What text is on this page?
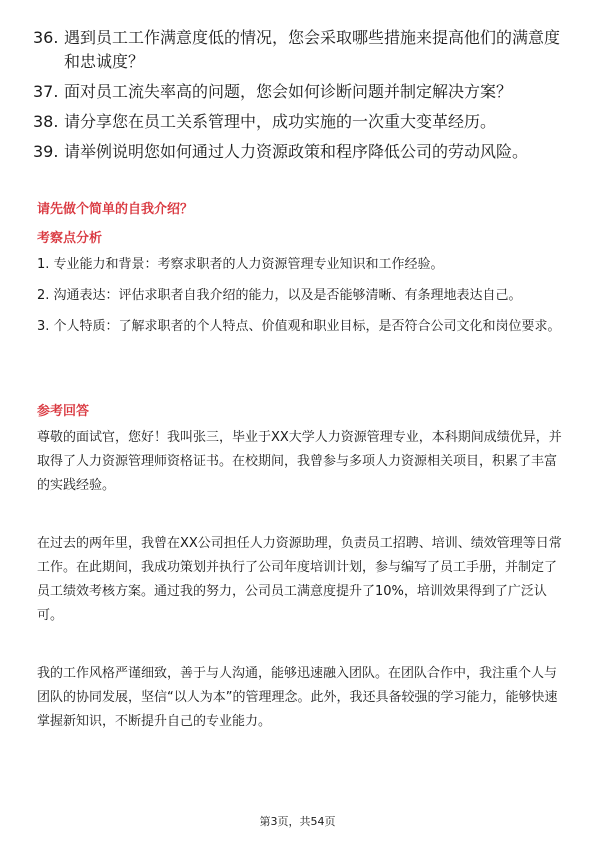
36. 遇到员工工作满意度低的情况，您会采取哪些措施来提高他们的满意度和忠诚度？
37. 面对员工流失率高的问题，您会如何诊断问题并制定解决方案？
38. 请分享您在员工关系管理中，成功实施的一次重大变革经历。
39. 请举例说明您如何通过人力资源政策和程序降低公司的劳动风险。
请先做个简单的自我介绍？
考察点分析
1. 专业能力和背景：考察求职者的人力资源管理专业知识和工作经验。
2. 沟通表达：评估求职者自我介绍的能力，以及是否能够清晰、有条理地表达自己。
3. 个人特质：了解求职者的个人特点、价值观和职业目标，是否符合公司文化和岗位要求。
参考回答

尊敬的面试官，您好！我叫张三，毕业于XX大学人力资源管理专业，本科期间成绩优异，并取得了人力资源管理师资格证书。在校期间，我曾参与多项人力资源相关项目，积累了丰富的实践经验。

在过去的两年里，我曾在XX公司担任人力资源助理，负责员工招聘、培训、绩效管理等日常工作。在此期间，我成功策划并执行了公司年度培训计划，参与编写了员工手册，并制定了员工绩效考核方案。通过我的努力，公司员工满意度提升了10%，培训效果得到了广泛认可。

我的工作风格严谨细致，善于与人沟通，能够迅速融入团队。在团队合作中，我注重个人与团队的协同发展，坚信“以人为本”的管理理念。此外，我还具备较强的学习能力，能够快速掌握新知识，不断提升自己的专业能力。

第3页，共54页
